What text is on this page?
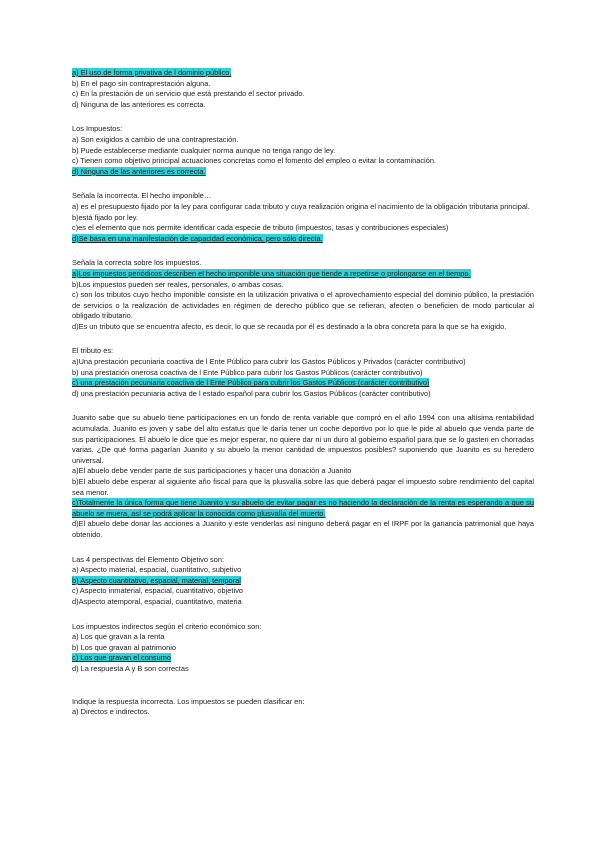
a) El uso de forma privativa de l dominio público.
b) En el pago sin contraprestación alguna.
c) En la prestación de un servicio que está prestando el sector privado.
d) Ninguna de las anteriores es correcta.
Los Impuestos:
a) Son exigidos a cambio de una contraprestación.
b) Puede establecerse mediante cualquier norma aunque no tenga rango de ley.
c) Tienen como objetivo principal actuaciones concretas como el fomento del empleo o evitar la contaminación.
d) Ninguna de las anteriores es correcta.
Señala la incorrecta. El hecho imponible…
a) es el presupuesto fijado por la ley para configurar cada tributo y cuya realización origina el nacimiento de la obligación tributaria principal.
b)está fijado por ley.
c)es el elemento que nos permite identificar cada especie de tributo (impuestos, tasas y contribuciones especiales)
d)Se basa en una manifestación de capacidad económica, pero sólo directa.
Señala la correcta sobre los impuestos.
a)Los impuestos periódicos describen el hecho imponible una situación que tiende a repetirse o prolongarse en el tiempo.
b)Los impuestos pueden ser reales, personales, o ambas cosas.
c) son los tributos cuyo hecho imponible consiste en la utilización privativa o el aprovechamiento especial del dominio público, la prestación de servicios o la realización de actividades en régimen de derecho público que se refieran, afecten o beneficien de modo particular al obligado tributario.
d)Es un tributo que se encuentra afecto, es decir, lo que se recauda por él es destinado a la obra concreta para la que se ha exigido.
El tributo es:
a)Una prestación pecuniaria coactiva de l Ente Público para cubrir los Gastos Públicos y Privados (carácter contributivo)
b) una prestación onerosa coactiva de l Ente Público para cubrir los Gastos Públicos (carácter contributivo)
c) una prestación pecuniaria coactiva de l Ente Público para cubrir los Gastos Públicos (carácter contributivo)
d) una prestación pecuniaria activa de l estado español para cubrir los Gastos Públicos (carácter contributivo)
Juanito sabe que su abuelo tiene participaciones en un fondo de renta variable que compró en el año 1994 con una altísima rentabilidad acumulada. Juanito es joven y sabe del alto estatus que le daría tener un coche deportivo por lo que le pide al abuelo que venda parte de sus participaciones. El abuelo le dice que es mejor esperar, no quiere dar ni un duro al gobierno español para que se lo gasten en chorradas varias. ¿De qué forma pagarían Juanito y su abuelo la menor cantidad de impuestos posibles? suponiendo que Juanito es su heredero universal.
a)El abuelo debe vender parte de sus participaciones y hacer una donación a Juanito
b)El abuelo debe esperar al siguiente año fiscal para que la plusvalía sobre las que deberá pagar el impuesto sobre rendimiento del capital sea menor.
c)Totalmente la única forma que tiene Juanito y su abuelo de evitar pagar es no haciendo la declaración de la renta es esperando a que su abuelo se muera, así se podrá aplicar la conocida como plusvalía del muerto.
d)El abuelo debe donar las acciones a Juanito y este venderlas así ninguno deberá pagar en el IRPF por la ganancia patrimonial que haya obtenido.
Las 4 perspectivas del Elemento Objetivo son:
a) Aspecto material, espacial, cuantitativo, subjetivo
b) Aspecto cuantitativo, espacial, material, temporal
c) Aspecto inmaterial, espacial, cuantitativo, objetivo
d)Aspecto atemporal, espacial, cuantitativo, materia
Los impuestos indirectos según el criterio económico son:
a) Los que gravan a la renta
b) Los que gravan al patrimonio
c) Los que gravan el consumo
d) La respuesta A y B son correctas
Indique la respuesta incorrecta. Los impuestos se pueden clasificar en:
a) Directos e indirectos.
